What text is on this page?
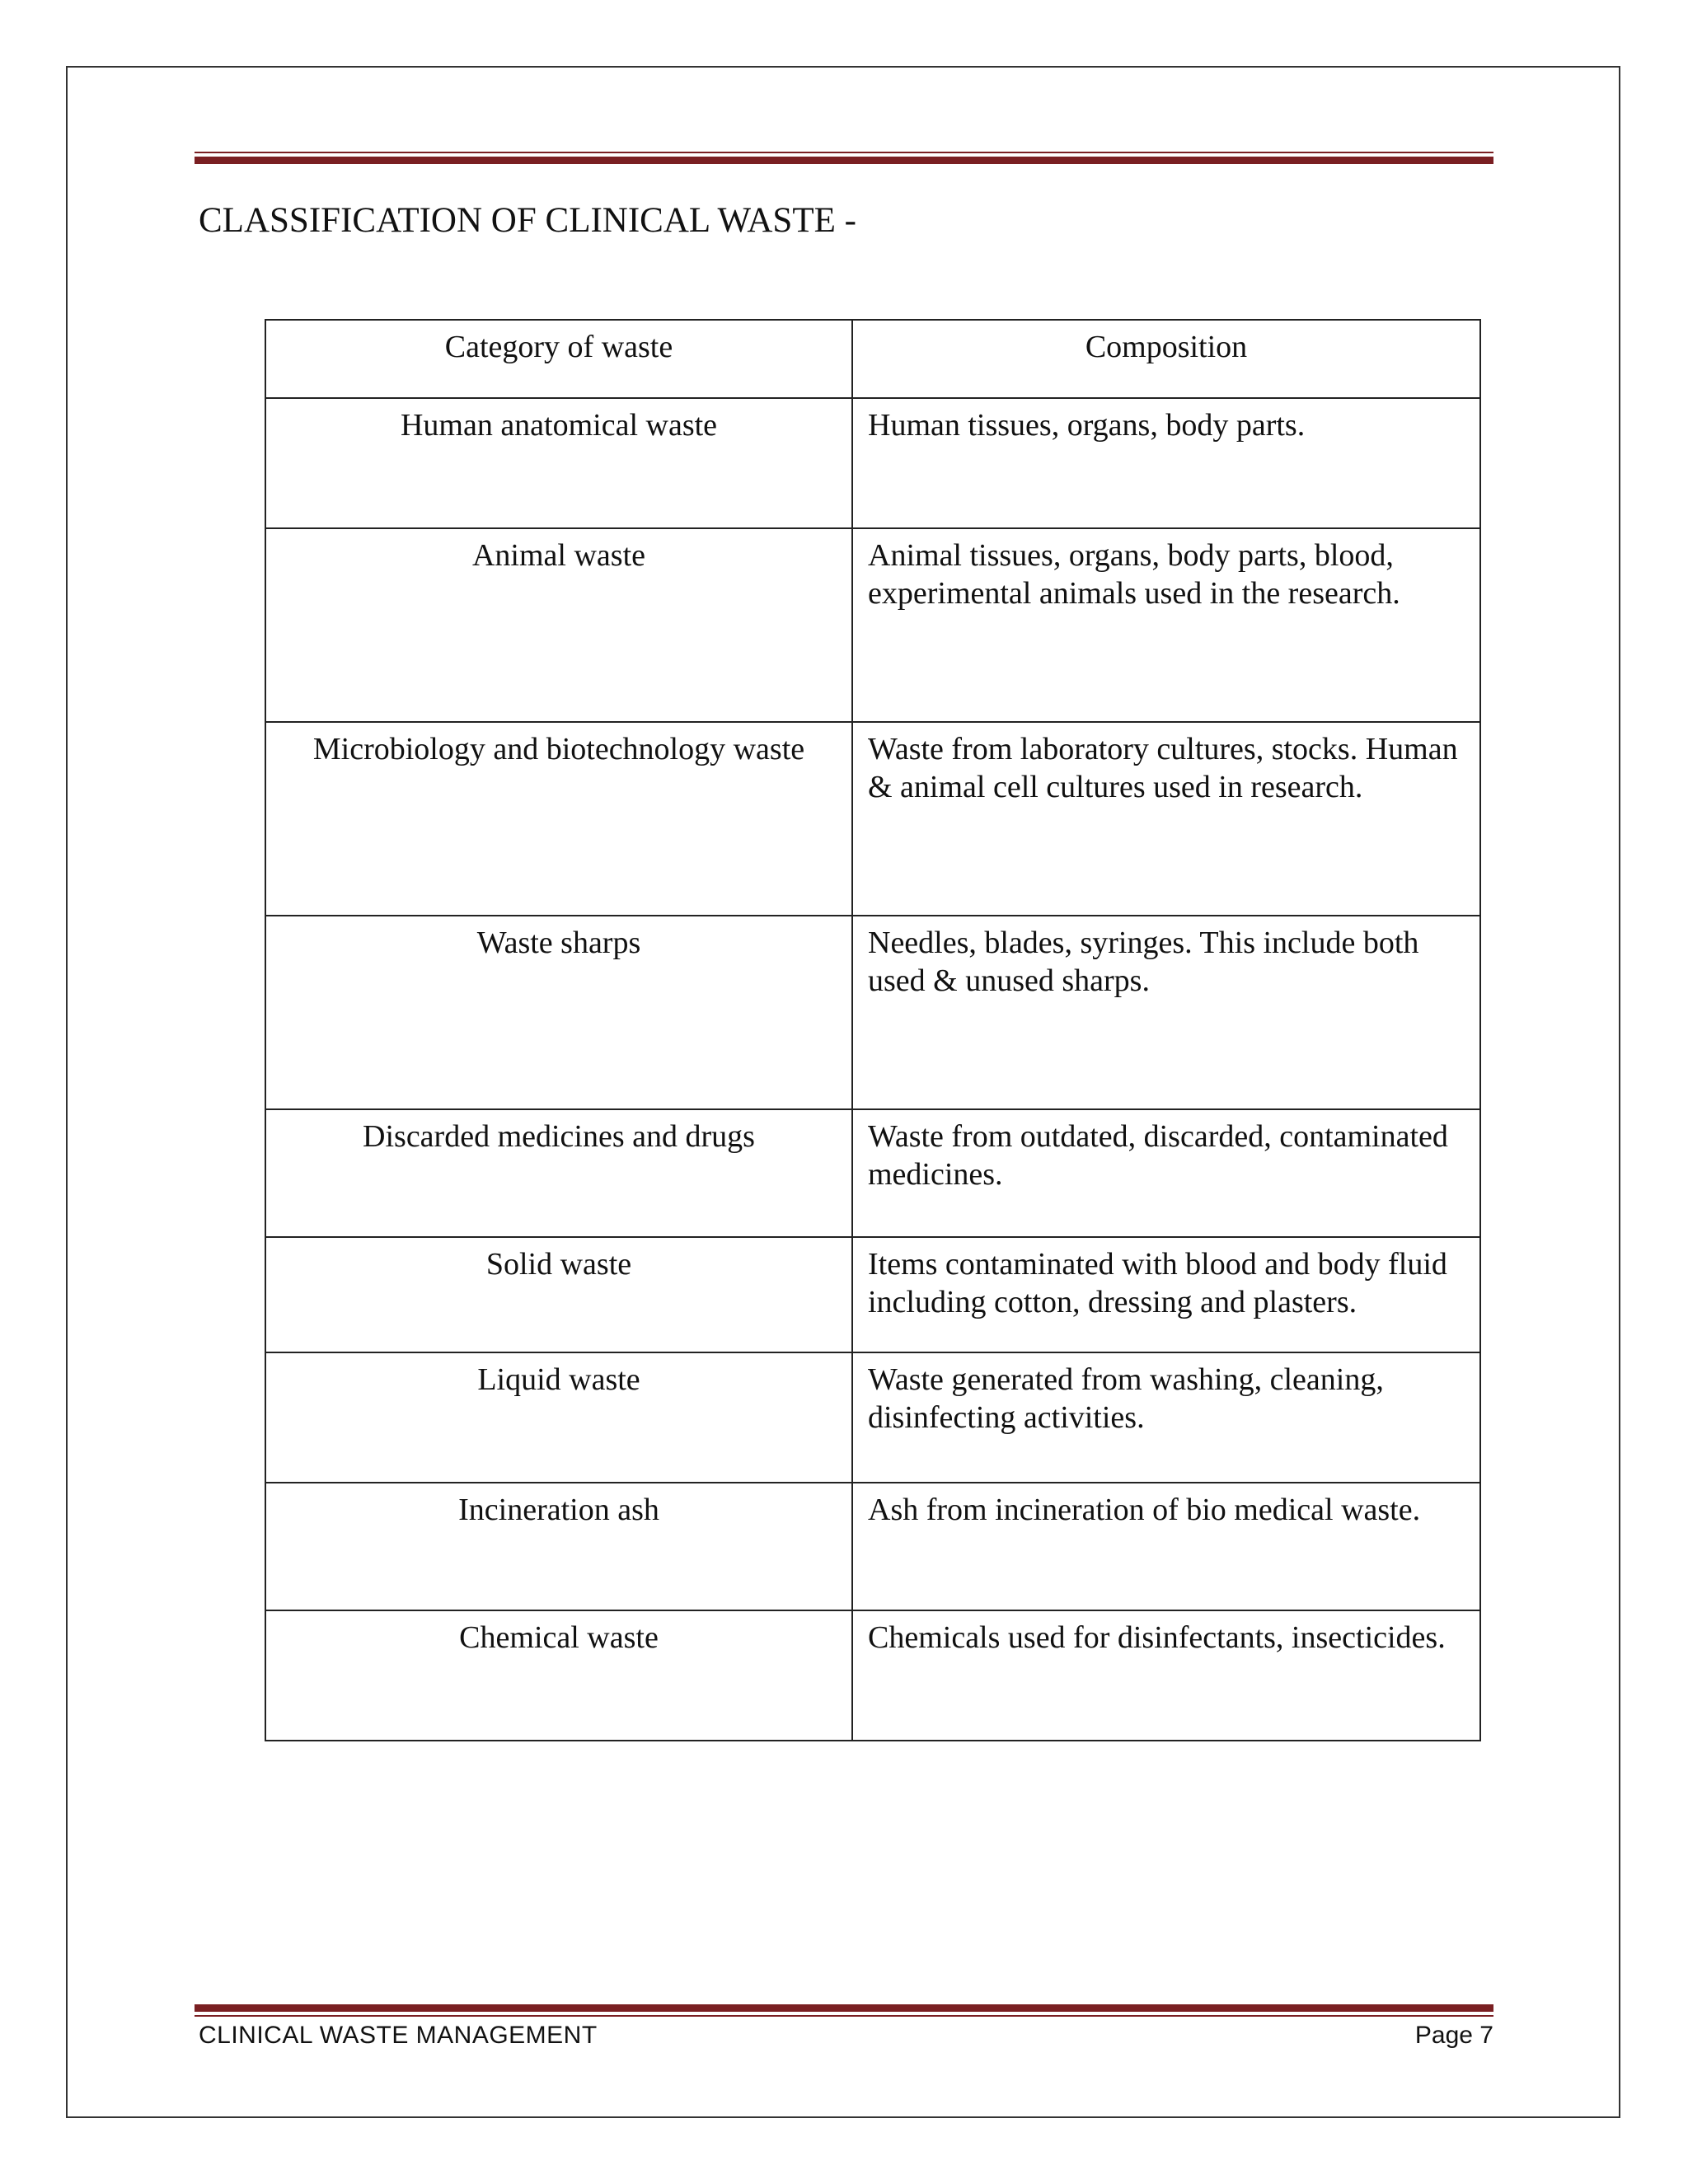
CLASSIFICATION OF CLINICAL WASTE -
Category of waste	Composition
Human anatomical waste	Human tissues, organs, body parts.
Animal waste	Animal tissues, organs, body parts, blood, experimental animals used in the research.
Microbiology and biotechnology waste	Waste from laboratory cultures, stocks. Human & animal cell cultures used in research.
Waste sharps	Needles, blades, syringes. This include both used & unused sharps.
Discarded medicines and drugs	Waste from outdated, discarded, contaminated medicines.
Solid waste	Items contaminated with blood and body fluid including cotton, dressing and plasters.
Liquid waste	Waste generated from washing, cleaning, disinfecting activities.
Incineration ash	Ash from incineration of bio medical waste.
Chemical waste	Chemicals used for disinfectants, insecticides.
CLINICAL WASTE MANAGEMENT	Page 7
